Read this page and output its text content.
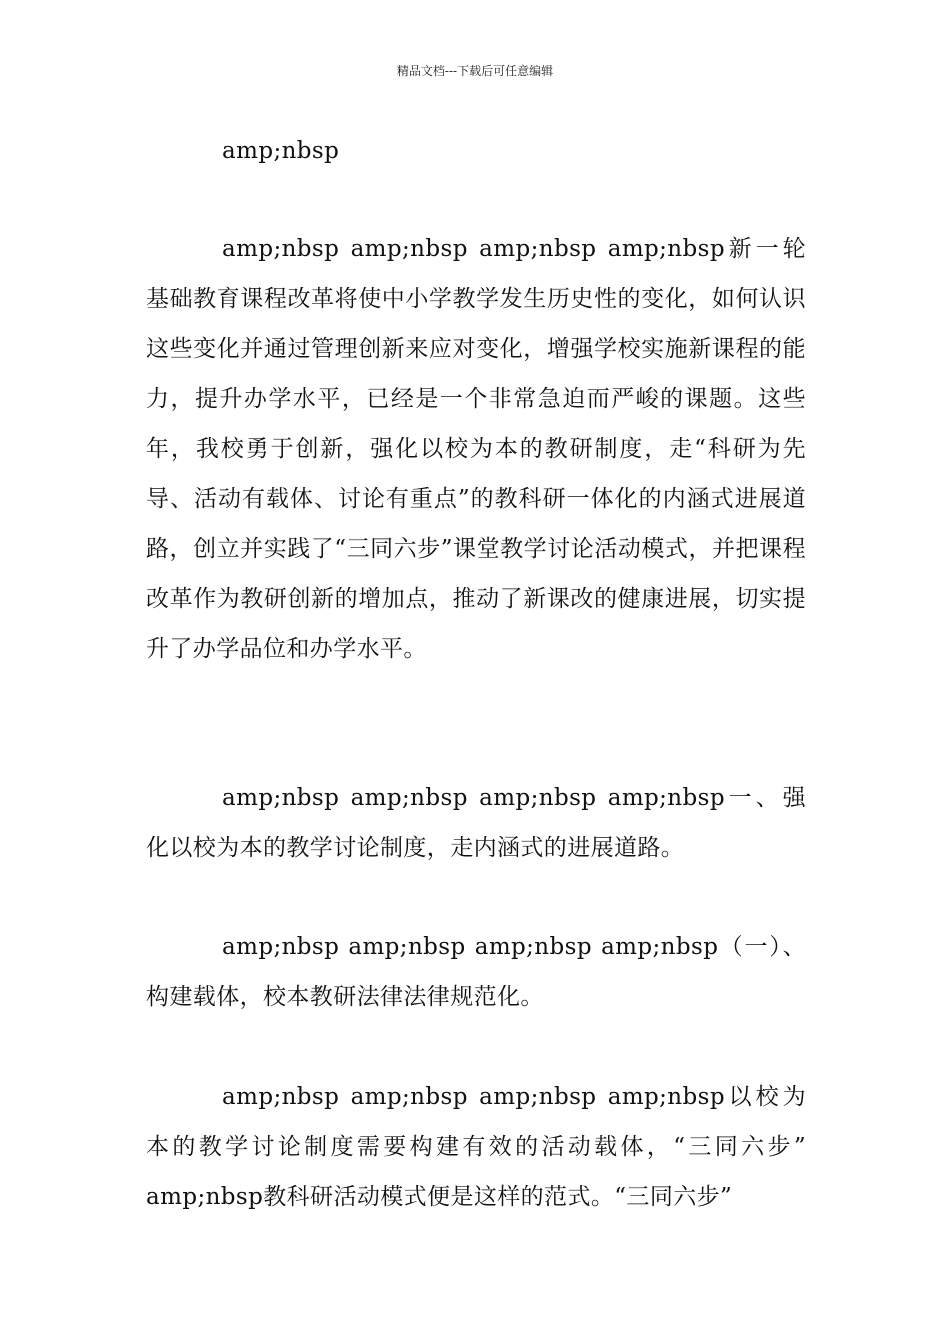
精品文档---下载后可任意编辑

amp;nbsp

amp;nbsp amp;nbsp amp;nbsp amp;nbsp新一轮基础教育课程改革将使中小学教学发生历史性的变化，如何认识这些变化并通过管理创新来应对变化，增强学校实施新课程的能力，提升办学水平，已经是一个非常急迫而严峻的课题。这些年，我校勇于创新，强化以校为本的教研制度，走“科研为先导、活动有载体、讨论有重点”的教科研一体化的内涵式进展道路，创立并实践了“三同六步”课堂教学讨论活动模式，并把课程改革作为教研创新的增加点，推动了新课改的健康进展，切实提升了办学品位和办学水平。

amp;nbsp amp;nbsp amp;nbsp amp;nbsp一、强化以校为本的教学讨论制度，走内涵式的进展道路。

amp;nbsp amp;nbsp amp;nbsp amp;nbsp（一）、构建载体，校本教研法律法律规范化。

amp;nbsp amp;nbsp amp;nbsp amp;nbsp以校为本的教学讨论制度需要构建有效的活动载体，“三同六步” amp;nbsp教科研活动模式便是这样的范式。“三同六步”
